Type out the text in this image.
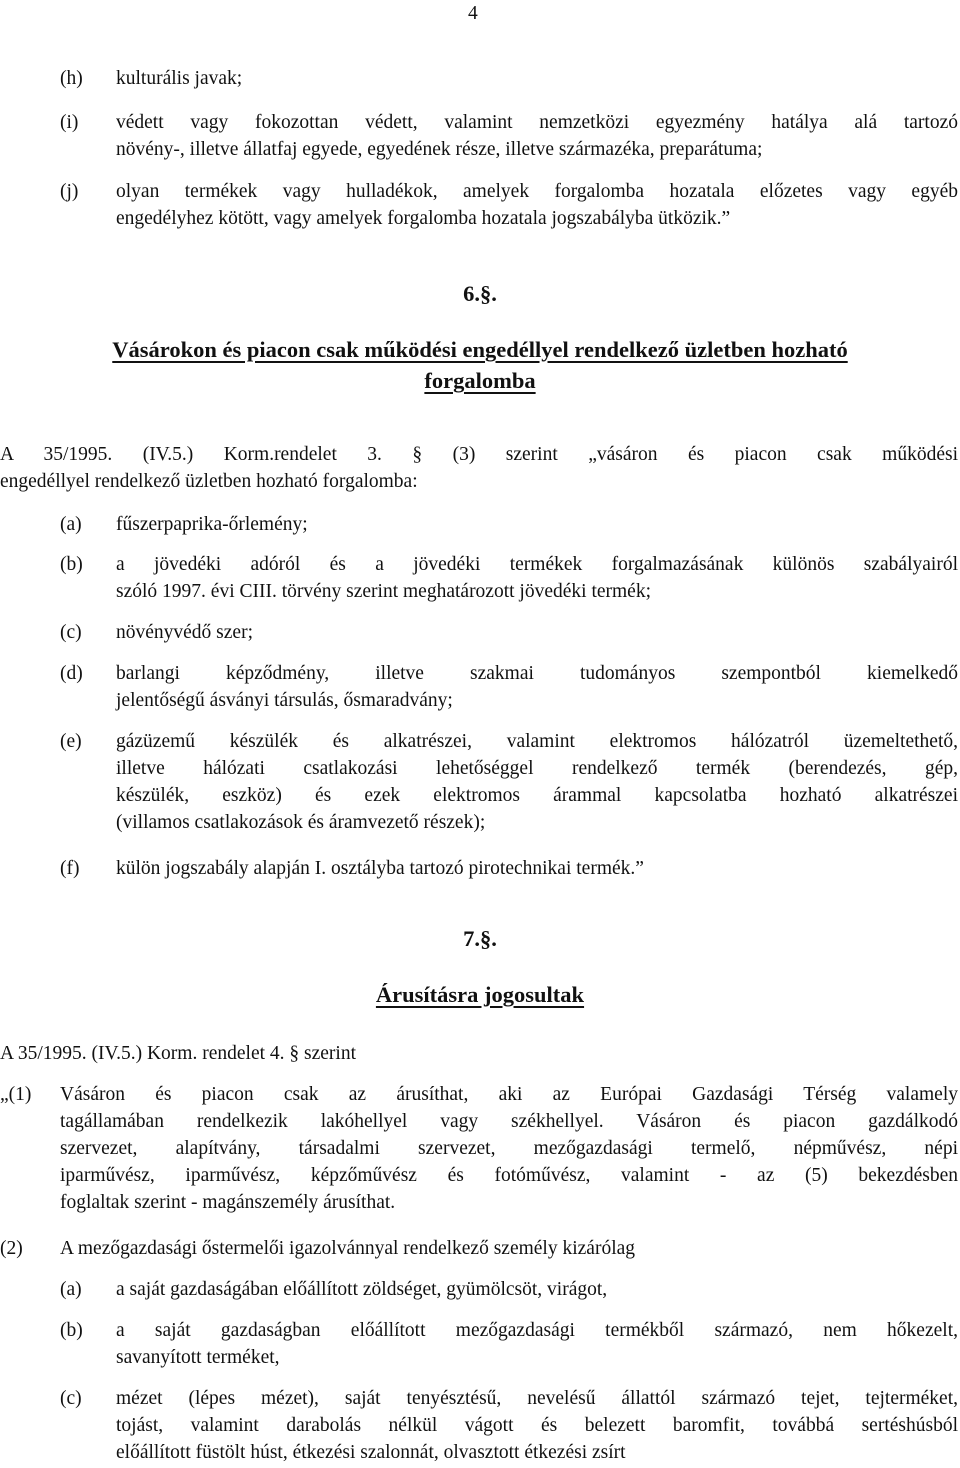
4
(h) kulturális javak;
(i) védett vagy fokozottan védett, valamint nemzetközi egyezmény hatálya alá tartozó
növény-, illetve állatfaj egyede, egyedének része, illetve származéka, preparátuma;
(j) olyan termékek vagy hulladékok, amelyek forgalomba hozatala előzetes vagy egyéb
engedélyhez kötött, vagy amelyek forgalomba hozatala jogszabályba ütközik.”
6.§.
Vásárokon és piacon csak működési engedéllyel rendelkező üzletben hozható
forgalomba
A 35/1995. (IV.5.) Korm.rendelet 3. § (3) szerint „vásáron és piacon csak működési
engedéllyel rendelkező üzletben hozható forgalomba:
(a) fűszerpaprika-őrlemény;
(b) a jövedéki adóról és a jövedéki termékek forgalmazásának különös szabályairól
szóló 1997. évi CIII. törvény szerint meghatározott jövedéki termék;
(c) növényvédő szer;
(d) barlangi képződmény, illetve szakmai tudományos szempontból kiemelkedő
jelentőségű ásványi társulás, ősmaradvány;
(e) gázüzemű készülék és alkatrészei, valamint elektromos hálózatról üzemeltethető,
illetve hálózati csatlakozási lehetőséggel rendelkező termék (berendezés, gép,
készülék, eszköz) és ezek elektromos árammal kapcsolatba hozható alkatrészei
(villamos csatlakozások és áramvezető részek);
(f) külön jogszabály alapján I. osztályba tartozó pirotechnikai termék.”
7.§.
Árusításra jogosultak
A 35/1995. (IV.5.) Korm. rendelet 4. § szerint
„(1) Vásáron és piacon csak az árusíthat, aki az Európai Gazdasági Térség valamely
tagállamában rendelkezik lakóhellyel vagy székhellyel. Vásáron és piacon gazdálkodó
szervezet, alapítvány, társadalmi szervezet, mezőgazdasági termelő, népművész, népi
iparművész, iparművész, képzőművész és fotóművész, valamint - az (5) bekezdésben
foglaltak szerint - magánszemély árusíthat.
(2) A mezőgazdasági őstermelői igazolvánnyal rendelkező személy kizárólag
(a) a saját gazdaságában előállított zöldséget, gyümölcsöt, virágot,
(b) a saját gazdaságban előállított mezőgazdasági termékből származó, nem hőkezelt,
savanyított terméket,
(c) mézet (lépes mézet), saját tenyésztésű, nevelésű állattól származó tejet, tejterméket,
tojást, valamint darabolás nélkül vágott és belezett baromfit, továbbá sertéshúsból
előállított füstölt húst, étkezési szalonnát, olvasztott étkezési zsírt
